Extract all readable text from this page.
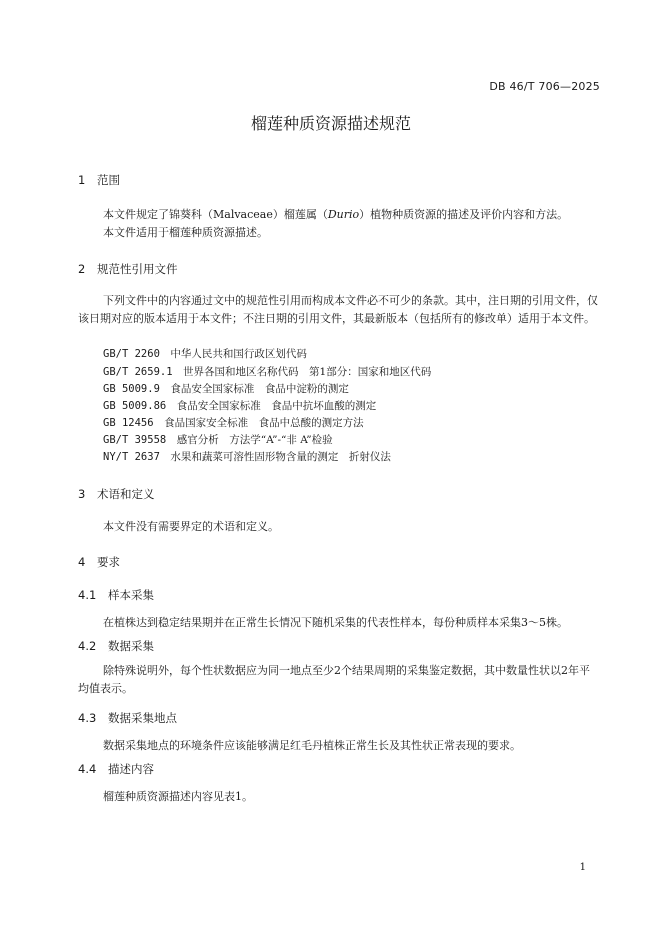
DB 46/T 706—2025
榴莲种质资源描述规范
1 范围
本文件规定了锦葵科（Malvaceae）榴莲属（Durio）植物种质资源的描述及评价内容和方法。
本文件适用于榴莲种质资源描述。
2 规范性引用文件
下列文件中的内容通过文中的规范性引用而构成本文件必不可少的条款。其中，注日期的引用文件，仅该日期对应的版本适用于本文件；不注日期的引用文件，其最新版本（包括所有的修改单）适用于本文件。
GB/T 2260　 中华人民共和国行政区划代码
GB/T 2659.1　 世界各国和地区名称代码　第1部分：国家和地区代码
GB 5009.9　 食品安全国家标准　食品中淀粉的测定
GB 5009.86　 食品安全国家标准　食品中抗坏血酸的测定
GB 12456　 食品国家安全标准　食品中总酸的测定方法
GB/T 39558　 感官分析　方法学“A”-“非 A”检验
NY/T 2637　 水果和蔬菜可溶性固形物含量的测定　折射仪法
3 术语和定义
本文件没有需要界定的术语和定义。
4 要求
4.1 样本采集
在植株达到稳定结果期并在正常生长情况下随机采集的代表性样本，每份种质样本采集3～5株。
4.2 数据采集
除特殊说明外，每个性状数据应为同一地点至少2个结果周期的采集鉴定数据，其中数量性状以2年平均值表示。
4.3 数据采集地点
数据采集地点的环境条件应该能够满足红毛丹植株正常生长及其性状正常表现的要求。
4.4 描述内容
榴莲种质资源描述内容见表1。
1
